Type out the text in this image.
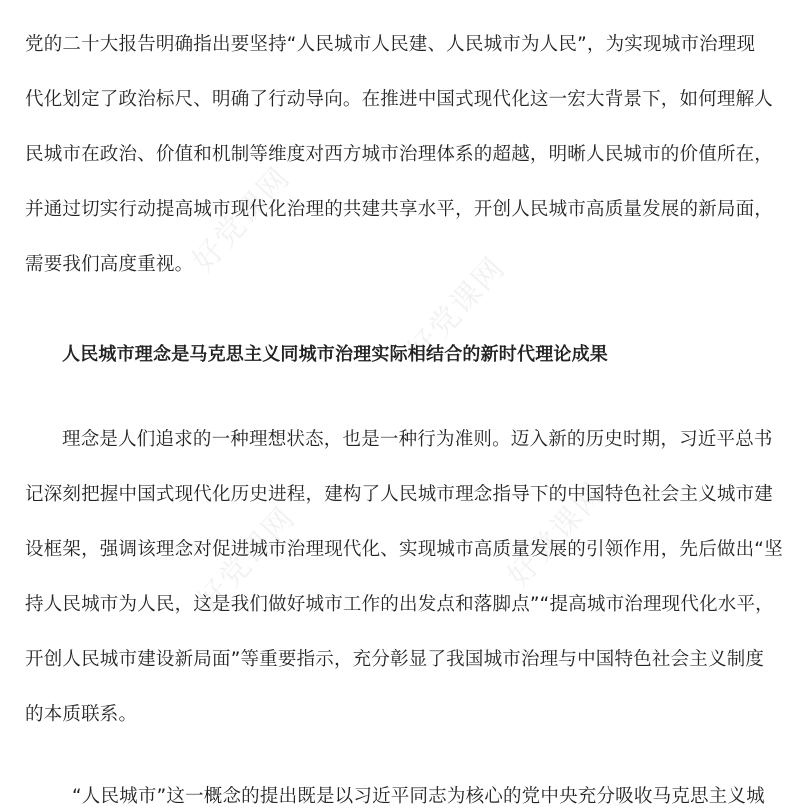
好党课网
好党课网
好党课网	好党课网
党的二十大报告明确指出要坚持“人民城市人民建、人民城市为人民”，为实现城市治理现
代化划定了政治标尺、明确了行动导向。在推进中国式现代化这一宏大背景下，如何理解人
民城市在政治、价值和机制等维度对西方城市治理体系的超越，明晰人民城市的价值所在，
并通过切实行动提高城市现代化治理的共建共享水平，开创人民城市高质量发展的新局面，
需要我们高度重视。
人民城市理念是马克思主义同城市治理实际相结合的新时代理论成果
理念是人们追求的一种理想状态，也是一种行为准则。迈入新的历史时期，习近平总书
记深刻把握中国式现代化历史进程，建构了人民城市理念指导下的中国特色社会主义城市建
设框架，强调该理念对促进城市治理现代化、实现城市高质量发展的引领作用，先后做出“坚
持人民城市为人民，这是我们做好城市工作的出发点和落脚点”“提高城市治理现代化水平，
开创人民城市建设新局面”等重要指示，充分彰显了我国城市治理与中国特色社会主义制度
的本质联系。
“人民城市”这一概念的提出既是以习近平同志为核心的党中央充分吸收马克思主义城
